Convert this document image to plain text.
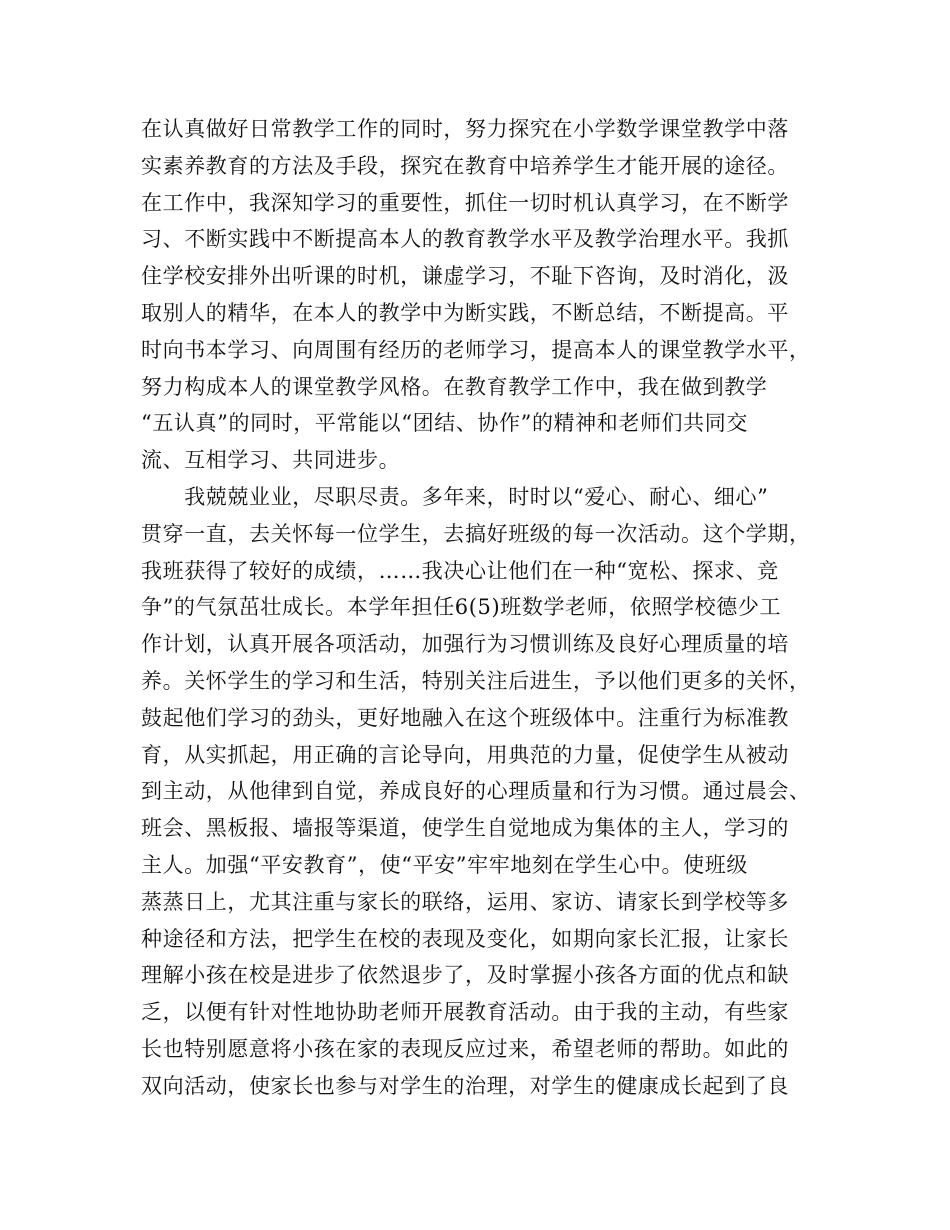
在认真做好日常教学工作的同时，努力探究在小学数学课堂教学中落
实素养教育的方法及手段，探究在教育中培养学生才能开展的途径。
在工作中，我深知学习的重要性，抓住一切时机认真学习，在不断学
习、不断实践中不断提高本人的教育教学水平及教学治理水平。我抓
住学校安排外出听课的时机，谦虚学习，不耻下咨询，及时消化，汲
取别人的精华，在本人的教学中为断实践，不断总结，不断提高。平
时向书本学习、向周围有经历的老师学习，提高本人的课堂教学水平，
努力构成本人的课堂教学风格。在教育教学工作中，我在做到教学
“五认真”的同时，平常能以“团结、协作”的精神和老师们共同交
流、互相学习、共同进步。
　　我兢兢业业，尽职尽责。多年来，时时以“爱心、耐心、细心”
贯穿一直，去关怀每一位学生，去搞好班级的每一次活动。这个学期，
我班获得了较好的成绩，……我决心让他们在一种“宽松、探求、竞
争”的气氛茁壮成长。本学年担任6(5)班数学老师，依照学校德少工
作计划，认真开展各项活动，加强行为习惯训练及良好心理质量的培
养。关怀学生的学习和生活，特别关注后进生，予以他们更多的关怀，
鼓起他们学习的劲头，更好地融入在这个班级体中。注重行为标准教
育，从实抓起，用正确的言论导向，用典范的力量，促使学生从被动
到主动，从他律到自觉，养成良好的心理质量和行为习惯。通过晨会、
班会、黑板报、墙报等渠道，使学生自觉地成为集体的主人，学习的
主人。加强“平安教育”，使“平安”牢牢地刻在学生心中。使班级
蒸蒸日上，尤其注重与家长的联络，运用、家访、请家长到学校等多
种途径和方法，把学生在校的表现及变化，如期向家长汇报，让家长
理解小孩在校是进步了依然退步了，及时掌握小孩各方面的优点和缺
乏，以便有针对性地协助老师开展教育活动。由于我的主动，有些家
长也特别愿意将小孩在家的表现反应过来，希望老师的帮助。如此的
双向活动，使家长也参与对学生的治理，对学生的健康成长起到了良
